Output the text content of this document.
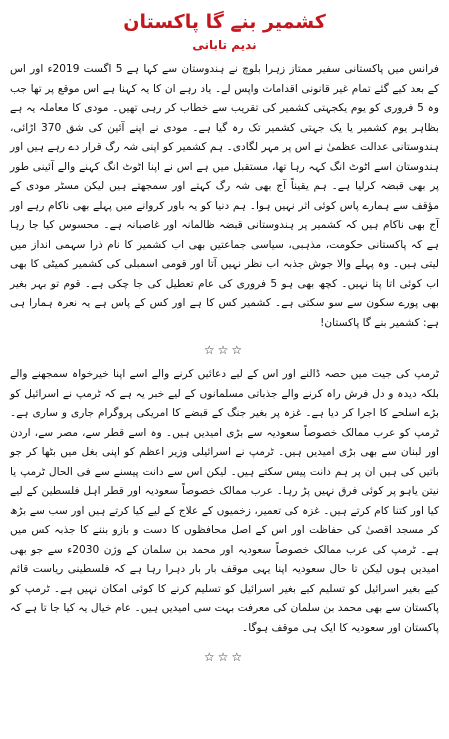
کشمیر بنے گا پاکستان
ندیم تابانی

فرانس میں پاکستانی سفیر ممتاز زہرا بلوچ نے ہندوستان سے کہا ہے 5 اگست 2019ء اور اس کے بعد کیے گئے تمام غیر قانونی اقدامات واپس لے۔ یاد رہے ان کا یہ کہنا ہے اس موقع پر تھا جب وہ 5 فروری کو یوم یکجہتی کشمیر کی تقریب سے خطاب کر رہی تھیں۔ مودی کا معاملہ یہ ہے بظاہر یوم کشمیر یا یک جہتی کشمیر تک رہ گیا ہے۔ مودی نے اپنے آئین کی شق 370 اڑائی، ہندوستانی عدالت عظمیٰ نے اس پر مہر لگادی۔ ہم کشمیر کو اپنی شہ رگ قرار دے رہے ہیں اور ہندوستان اسے اٹوٹ انگ کہہ رہا تھا، مستقبل میں ہے اس نے اپنا اٹوٹ انگ کہنے والے آئینی طور پر بھی قبضہ کرلیا ہے۔ ہم یقیناً آج بھی شہ رگ کہتے اور سمجھتے ہیں لیکن مسٹر مودی کے مؤقف سے ہمارے پاس کوئی اثر نہیں ہوا۔ ہم دنیا کو یہ باور کروانے میں پہلے بھی ناکام رہے اور آج بھی ناکام ہیں کہ کشمیر پر ہندوستانی قبضہ ظالمانہ اور غاصبانہ ہے۔ محسوس کیا جا رہا ہے کہ پاکستانی حکومت، مذہبی، سیاسی جماعتیں بھی اب کشمیر کا نام ذرا سہمی انداز میں لیتی ہیں۔ وہ پہلے والا جوش جذبہ اب نظر نہیں آتا اور قومی اسمبلی کی کشمیر کمیٹی کا بھی اب کوئی اتا پتا نہیں۔ کچھ بھی ہو 5 فروری کی عام تعطیل کی جا چکی ہے۔ قوم تو بہر بغیر بھی پورے سکون سے سو سکتی ہے۔ کشمیر کس کا ہے اور کس کے پاس ہے یہ نعرہ ہمارا ہی ہے: کشمیر بنے گا پاکستان!

☆☆☆

ٹرمپ کی جیت میں حصہ ڈالنے اور اس کے لیے دعائیں کرنے والے اسے اپنا خیرخواہ سمجھنے والے بلکہ دیدہ و دل فرش راہ کرنے والے جذباتی مسلمانوں کے لیے خبر یہ ہے کہ ٹرمپ نے اسرائیل کو بڑے اسلحے کا اجرا کر دیا ہے۔ غزہ پر بغیر جنگ کے قبضے کا امریکی پروگرام جاری و ساری ہے۔ ٹرمپ کو عرب ممالک خصوصاً سعودیہ سے بڑی امیدیں ہیں۔ وہ اسے قطر سے، مصر سے، اردن اور لبنان سے بھی بڑی امیدیں ہیں۔ ٹرمپ نے اسرائیلی وزیر اعظم کو اپنی بغل میں بٹھا کر جو باتیں کی ہیں ان پر ہم دانت پیس سکتے ہیں۔ لیکن اس سے دانت پیسنے سے فی الحال ٹرمپ یا نیتن یاہو پر کوئی فرق نہیں پڑ رہا۔ عرب ممالک خصوصاً سعودیہ اور قطر اہل فلسطین کے لیے کیا اور کتنا کام کرتے ہیں۔ غزہ کی تعمیر، زخمیوں کے علاج کے لیے کیا کرتے ہیں اور سب سے بڑھ کر مسجد اقصیٰ کی حفاظت اور اس کے اصل محافظوں کا دست و بازو بننے کا جذبہ کس میں ہے۔ ٹرمپ کی عرب ممالک خصوصاً سعودیہ اور محمد بن سلمان کے وژن 2030ء سے جو بھی امیدیں ہوں لیکن تا حال سعودیہ اپنا یہی موقف بار بار دہرا رہا ہے کہ فلسطینی ریاست قائم کیے بغیر اسرائیل کو تسلیم کیے بغیر اسرائیل کو تسلیم کرنے کا کوئی امکان نہیں ہے۔ ٹرمپ کو پاکستان سے بھی محمد بن سلمان کی معرفت بہت سی امیدیں ہیں۔ عام خیال یہ کیا جا تا ہے کہ پاکستان اور سعودیہ کا ایک ہی موقف ہوگا۔

☆☆☆
